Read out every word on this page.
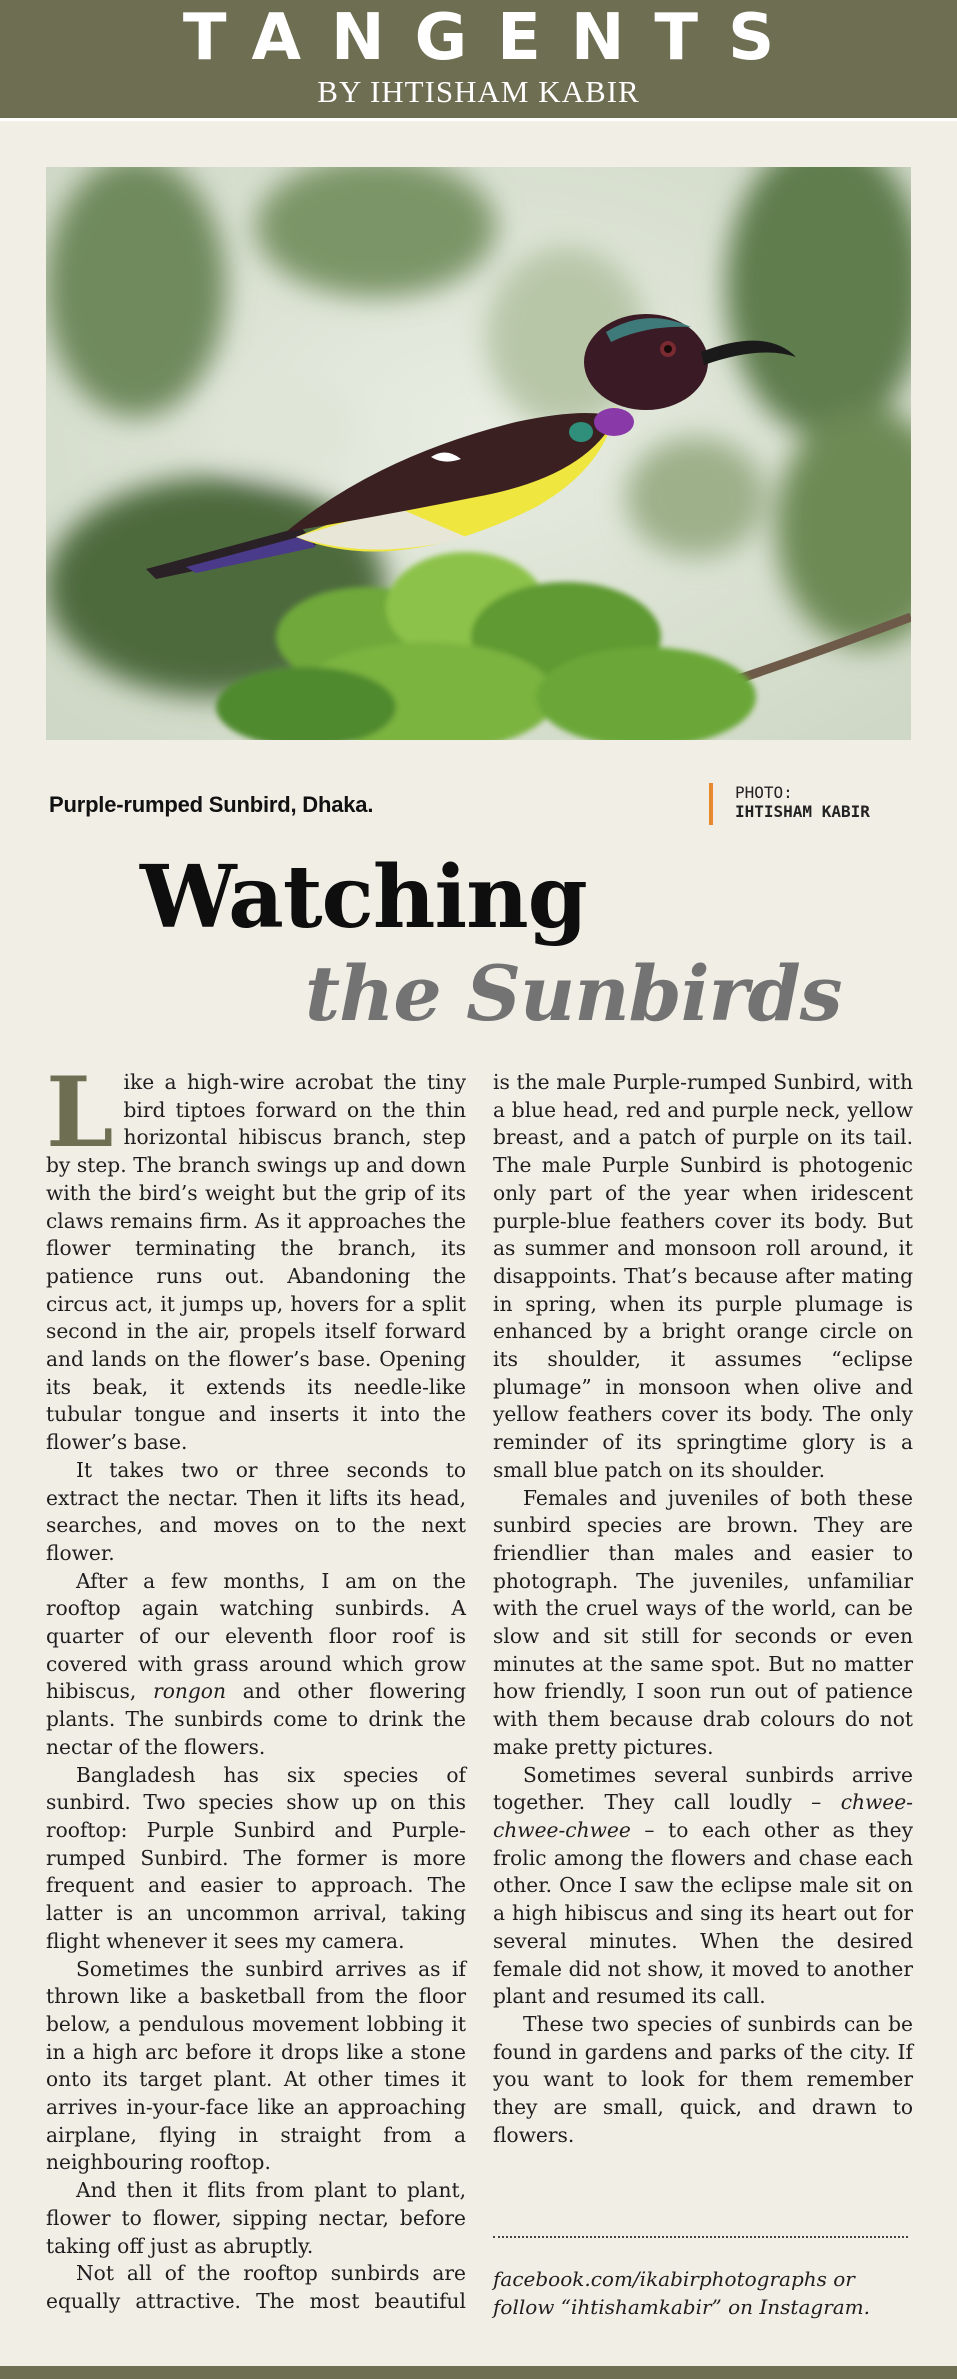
TANGENTS
BY IHTISHAM KABIR
Purple-rumped Sunbird, Dhaka.	PHOTO:
IHTISHAM KABIR
Watching
the Sunbirds

Like a high-wire acrobat the tiny bird tiptoes forward on the thin horizontal hibiscus branch, step by step. The branch swings up and down with the bird’s weight but the grip of its claws remains firm. As it approaches the flower terminating the branch, its patience runs out. Abandoning the circus act, it jumps up, hovers for a split second in the air, propels itself forward and lands on the flower’s base. Opening its beak, it extends its needle-like tubular tongue and inserts it into the flower’s base.

It takes two or three seconds to extract the nectar. Then it lifts its head, searches, and moves on to the next flower.

After a few months, I am on the rooftop again watching sunbirds. A quarter of our eleventh floor roof is covered with grass around which grow hibiscus, rongon and other flowering plants. The sunbirds come to drink the nectar of the flowers.

Bangladesh has six species of sunbird. Two species show up on this rooftop: Purple Sunbird and Purple-rumped Sunbird. The former is more frequent and easier to approach. The latter is an uncommon arrival, taking flight whenever it sees my camera.

Sometimes the sunbird arrives as if thrown like a basketball from the floor below, a pendulous movement lobbing it in a high arc before it drops like a stone onto its target plant. At other times it arrives in-your-face like an approaching airplane, flying in straight from a neighbouring rooftop.

And then it flits from plant to plant, flower to flower, sipping nectar, before taking off just as abruptly.

Not all of the rooftop sunbirds are equally attractive. The most beautiful

is the male Purple-rumped Sunbird, with a blue head, red and purple neck, yellow breast, and a patch of purple on its tail. The male Purple Sunbird is photogenic only part of the year when iridescent purple-blue feathers cover its body. But as summer and monsoon roll around, it disappoints. That’s because after mating in spring, when its purple plumage is enhanced by a bright orange circle on its shoulder, it assumes “eclipse plumage” in monsoon when olive and yellow feathers cover its body. The only reminder of its springtime glory is a small blue patch on its shoulder.

Females and juveniles of both these sunbird species are brown. They are friendlier than males and easier to photograph. The juveniles, unfamiliar with the cruel ways of the world, can be slow and sit still for seconds or even minutes at the same spot. But no matter how friendly, I soon run out of patience with them because drab colours do not make pretty pictures.

Sometimes several sunbirds arrive together. They call loudly – chwee-chwee-chwee – to each other as they frolic among the flowers and chase each other. Once I saw the eclipse male sit on a high hibiscus and sing its heart out for several minutes. When the desired female did not show, it moved to another plant and resumed its call.

These two species of sunbirds can be found in gardens and parks of the city. If you want to look for them remember they are small, quick, and drawn to flowers.

facebook.com/ikabirphotographs or follow “ihtishamkabir” on Instagram.
